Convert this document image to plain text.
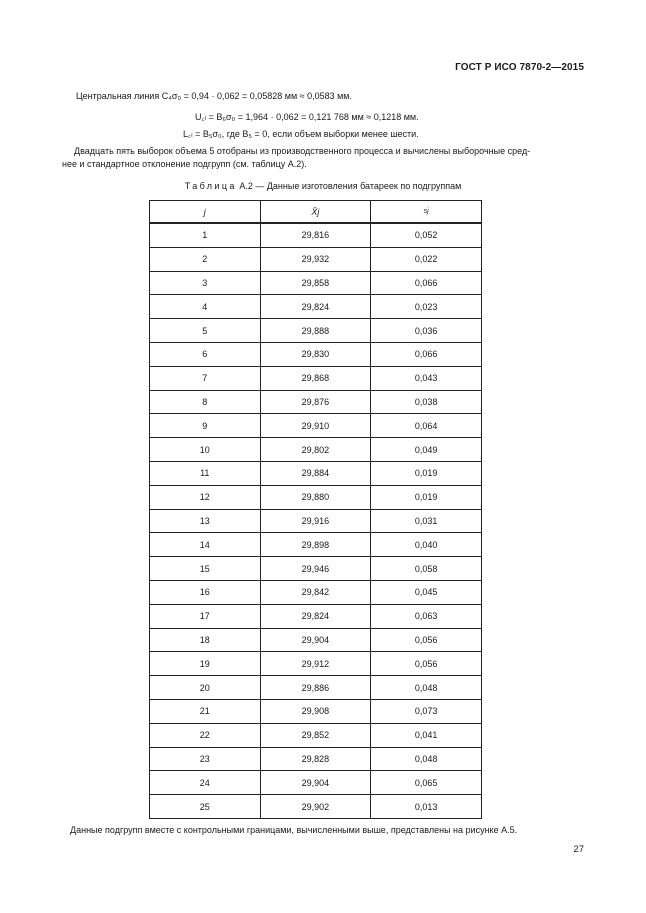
ГОСТ Р ИСО 7870-2—2015
Центральная линия C₄σ₀ = 0,94 · 0,062 = 0,05828 мм ≈ 0,0583 мм.
U꜀ₗ = B₆σ₀ = 1,964 · 0,062 = 0,121 768 мм ≈ 0,1218 мм.
L꜀ₗ = B₅σ₀, где B₅ = 0, если объем выборки менее шести.
Двадцать пять выборок объема 5 отобраны из производственного процесса и вычислены выборочные сред-
нее и стандартное отклонение подгрупп (см. таблицу А.2).
Таблица А.2 — Данные изготовления батареек по подгруппам
j	X̄j	sj
1	29,816	0,052
2	29,932	0,022
3	29,858	0,066
4	29,824	0,023
5	29,888	0,036
6	29,830	0,066
7	29,868	0,043
8	29,876	0,038
9	29,910	0,064
10	29,802	0,049
11	29,884	0,019
12	29,880	0,019
13	29,916	0,031
14	29,898	0,040
15	29,946	0,058
16	29,842	0,045
17	29,824	0,063
18	29,904	0,056
19	29,912	0,056
20	29,886	0,048
21	29,908	0,073
22	29,852	0,041
23	29,828	0,048
24	29,904	0,065
25	29,902	0,013
Данные подгрупп вместе с контрольными границами, вычисленными выше, представлены на рисунке А.5.
27
